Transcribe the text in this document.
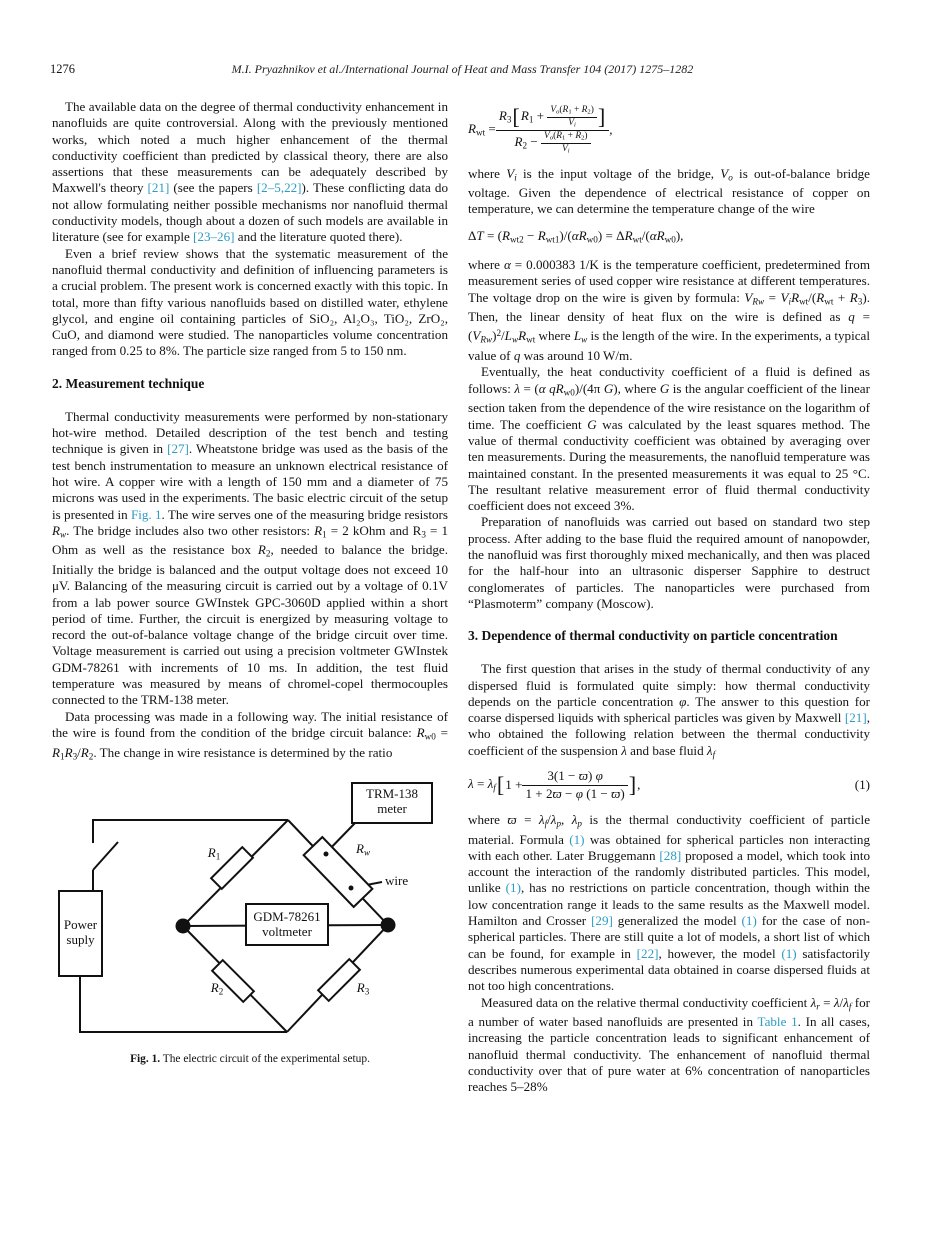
1276	M.I. Pryazhnikov et al./International Journal of Heat and Mass Transfer 104 (2017) 1275–1282

The available data on the degree of thermal conductivity enhancement in nanofluids are quite controversial. Along with the previously mentioned works, which noted a much higher enhancement of the thermal conductivity coefficient than predicted by classical theory, there are also assertions that these measurements can be adequately described by Maxwell's theory [21] (see the papers [2–5,22]). These conflicting data do not allow formulating neither possible mechanisms nor nanofluid thermal conductivity models, though about a dozen of such models are available in literature (see for example [23–26] and the literature quoted there).

Even a brief review shows that the systematic measurement of the nanofluid thermal conductivity and definition of influencing parameters is a crucial problem. The present work is concerned exactly with this topic. In total, more than fifty various nanofluids based on distilled water, ethylene glycol, and engine oil containing particles of SiO₂, Al₂O₃, TiO₂, ZrO₂, CuO, and diamond were studied. The nanoparticles volume concentration ranged from 0.25 to 8%. The particle size ranged from 5 to 150 nm.

2. Measurement technique

Thermal conductivity measurements were performed by non-stationary hot-wire method. Detailed description of the test bench and testing technique is given in [27]. Wheatstone bridge was used as the basis of the test bench instrumentation to measure an unknown electrical resistance of hot wire. A copper wire with a length of 150 mm and a diameter of 75 microns was used in the experiments. The basic electric circuit of the setup is presented in Fig. 1. The wire serves one of the measuring bridge resistors Rw. The bridge includes also two other resistors: $R_1 = 2$ kOhm and $R_3 = 1$ Ohm as well as the resistance box $R_2$, needed to balance the bridge. Initially the bridge is balanced and the output voltage does not exceed 10 μV. Balancing of the measuring circuit is carried out by a voltage of 0.1V from a lab power source GWInstek GPC-3060D applied within a short period of time. Further, the circuit is energized by measuring voltage to record the out-of-balance voltage change of the bridge circuit over time. Voltage measurement is carried out using a precision voltmeter GWInstek GDM-78261 with increments of 10 ms. In addition, the test fluid temperature was measured by means of chromel-copel thermocouples connected to the TRM-138 meter.

Data processing was made in a following way. The initial resistance of the wire is found from the condition of the bridge circuit balance: $R_{w0} = R_1R_3/R_2$. The change in wire resistance is determined by the ratio

TRM-138
meter
Power
suply
GDM-78261
voltmeter
$R_1$
Rw
$R_2$	$R_3$
wire
Fig. 1. The electric circuit of the experimental setup.
$R_{wt} = \frac{R_3[R_1 + \frac{Vo(R_1 + R_2)}{Vi} ]}{R_2 - \frac{Vo(R_1 + R_2)}{Vi}}$ ,

where Vi is the input voltage of the bridge, Vo is out-of-balance bridge voltage. Given the dependence of electrical resistance of copper on temperature, we can determine the temperature change of the wire

$\Delta T = (R_{wt2} - R_{wt1})/(\alpha R_{w0}) = \Delta R_{wt}/(\alpha R_{w0})$,

where α = 0.000383 1/K is the temperature coefficient, predetermined from measurement series of used copper wire resistance at different temperatures. The voltage drop on the wire is given by formula: VRw = $ViR_{wt}/(R_{wt} + R_3)$. Then, the linear density of heat flux on the wire is defined as q = (VRw)$^2$/LwR$_{wt}$ where Lw is the length of the wire. In the experiments, a typical value of q was around 10 W/m.

Eventually, the heat conductivity coefficient of a fluid is defined as follows: λ = (α $qR_{w0})/(4\pi$ G), where G is the angular coefficient of the linear section taken from the dependence of the wire resistance on the logarithm of time. The coefficient G was calculated by the least squares method. The value of thermal conductivity coefficient was obtained by averaging over ten measurements. During the measurements, the nanofluid temperature was maintained constant. In the presented measurements it was equal to 25 °C. The resultant relative measurement error of fluid thermal conductivity coefficient does not exceed 3%.

Preparation of nanofluids was carried out based on standard two step process. After adding to the base fluid the required amount of nanopowder, the nanofluid was first thoroughly mixed mechanically, and then was placed for the half-hour into an ultrasonic disperser Sapphire to destruct conglomerates of particles. The nanoparticles were purchased from “Plasmoterm” company (Moscow).

3. Dependence of thermal conductivity on particle concentration

The first question that arises in the study of thermal conductivity of any dispersed fluid is formulated quite simply: how thermal conductivity depends on the particle concentration φ. The answer to this question for coarse dispersed liquids with spherical particles was given by Maxwell [21], who obtained the following relation between the thermal conductivity coefficient of the suspension λ and base fluid λf

λ = λf [ $1 + \frac{3(1 - ϖ) \varphi}{1 + 2ϖ - \varphi (1 - ϖ)}$ ] ,	(1)

where ϖ = λf/λp, λp is the thermal conductivity coefficient of particle material. Formula (1) was obtained for spherical particles non interacting with each other. Later Bruggemann [28] proposed a model, which took into account the interaction of the randomly distributed particles. This model, unlike (1), has no restrictions on particle concentration, though within the low concentration range it leads to the same results as the Maxwell model. Hamilton and Crosser [29] generalized the model (1) for the case of non-spherical particles. There are still quite a lot of models, a short list of which can be found, for example in [22], however, the model (1) satisfactorily describes numerous experimental data obtained in coarse dispersed fluids at not too high concentrations.

Measured data on the relative thermal conductivity coefficient λr = λ/λf for a number of water based nanofluids are presented in Table 1. In all cases, increasing the particle concentration leads to significant enhancement of nanofluid thermal conductivity. The enhancement of nanofluid thermal conductivity over that of pure water at 6% concentration of nanoparticles reaches 5–28%
